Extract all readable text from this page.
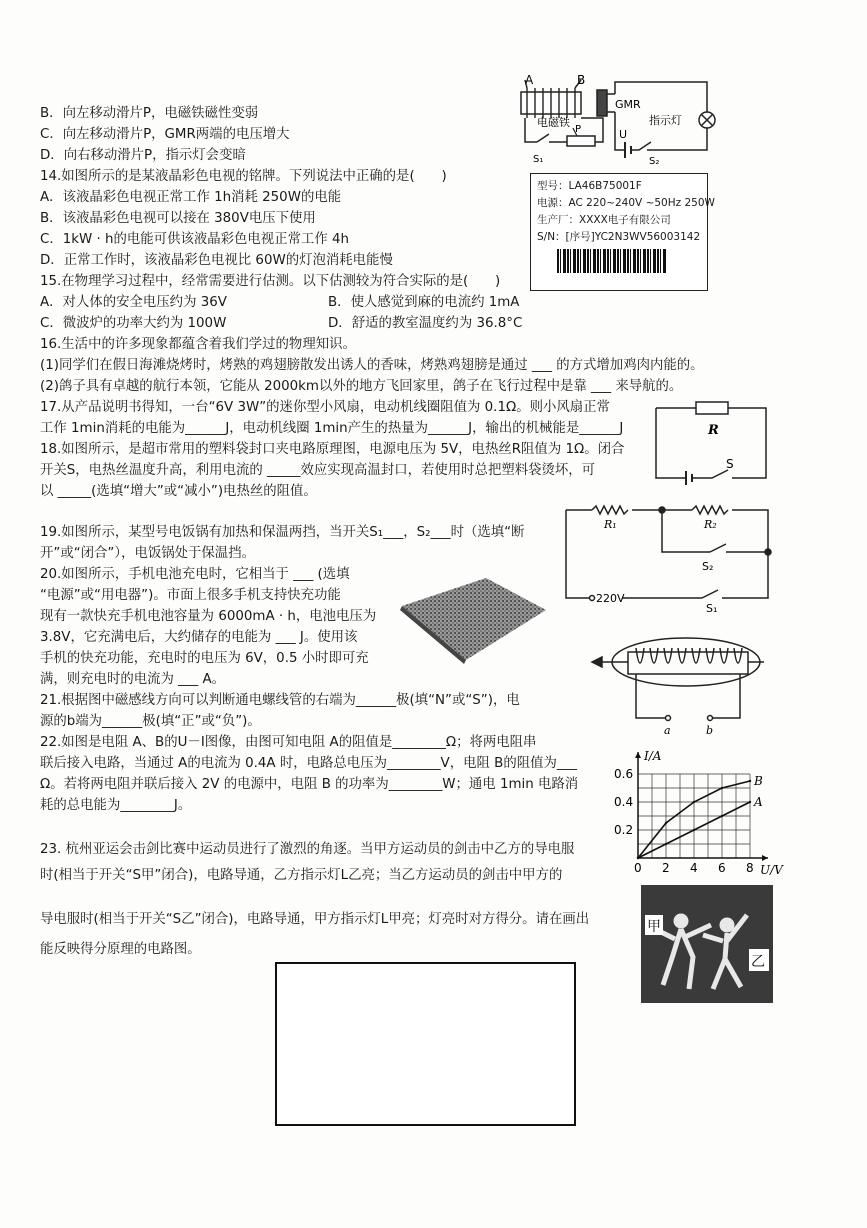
B．向左移动滑片P，电磁铁磁性变弱
C．向左移动滑片P，GMR两端的电压增大
D．向右移动滑片P，指示灯会变暗
A	B
GMR
电磁铁	指示灯
U
P
S₁	S₂
14.如图所示的是某液晶彩色电视的铭牌。下列说法中正确的是(　　)
A．该液晶彩色电视正常工作 1h消耗 250W的电能
B．该液晶彩色电视可以接在 380V电压下使用
C．1kW · h的电能可供该液晶彩色电视正常工作 4h
D．正常工作时，该液晶彩色电视比 60W的灯泡消耗电能慢
型号：LA46B75001F
电源：AC 220~240V ~50Hz 250W
生产厂：XXXX电子有限公司
S/N：[序号]YC2N3WV56003142
15.在物理学习过程中，经常需要进行估测。以下估测较为符合实际的是(　　)
A．对人体的安全电压约为 36V	B．使人感觉到麻的电流约 1mA
C．微波炉的功率大约为 100W	D．舒适的教室温度约为 36.8°C
16.生活中的许多现象都蕴含着我们学过的物理知识。
(1)同学们在假日海滩烧烤时，烤熟的鸡翅膀散发出诱人的香味，烤熟鸡翅膀是通过 ___ 的方式增加鸡肉内能的。
(2)鸽子具有卓越的航行本领，它能从 2000km以外的地方飞回家里，鸽子在飞行过程中是靠 ___ 来导航的。
17.从产品说明书得知，一台“6V 3W”的迷你型小风扇，电动机线圈阻值为 0.1Ω。则小风扇正常
工作 1min消耗的电能为______J，电动机线圈 1min产生的热量为______J，输出的机械能是______J
18.如图所示，是超市常用的塑料袋封口夹电路原理图，电源电压为 5V，电热丝R阻值为 1Ω。闭合
开关S，电热丝温度升高，利用电流的 _____效应实现高温封口，若使用时总把塑料袋烫坏，可
以 _____(选填“增大”或“减小”)电热丝的阻值。
R
S
19.如图所示，某型号电饭锅有加热和保温两挡，当开关S₁___，S₂___时（选填“断
开”或“闭合”），电饭锅处于保温挡。
R₁	R₂
S₂
S₁
220V
20.如图所示，手机电池充电时，它相当于 ___ (选填
“电源”或“用电器”)。市面上很多手机支持快充功能
现有一款快充手机电池容量为 6000mA · h，电池电压为
3.8V，它充满电后，大约储存的电能为 ___ J。使用该
手机的快充功能，充电时的电压为 6V，0.5 小时即可充
满，则充电时的电流为 ___ A。
21.根据图中磁感线方向可以判断通电螺线管的右端为______极(填“N”或“S”)，电
源的b端为______极(填“正”或“负”)。
a	b
22.如图是电阻 A、B的U－I图像，由图可知电阻 A的阻值是________Ω；将两电阻串
联后接入电路，当通过 A的电流为 0.4A 时，电路总电压为________V，电阻 B的阻值为___
Ω。若将两电阻并联后接入 2V 的电源中，电阻 B 的功率为________W；通电 1min 电路消
耗的总电能为________J。	A
B
0 2 4 6 8
0.2
0.4
0.6
I/A
U/V
23. 杭州亚运会击剑比赛中运动员进行了激烈的角逐。当甲方运动员的剑击中乙方的导电服
时(相当于开关“S甲”闭合)，电路导通，乙方指示灯L乙亮；当乙方运动员的剑击中甲方的
导电服时(相当于开关“S乙”闭合)，电路导通，甲方指示灯L甲亮；灯亮时对方得分。请在画出
能反映得分原理的电路图。
甲
乙
